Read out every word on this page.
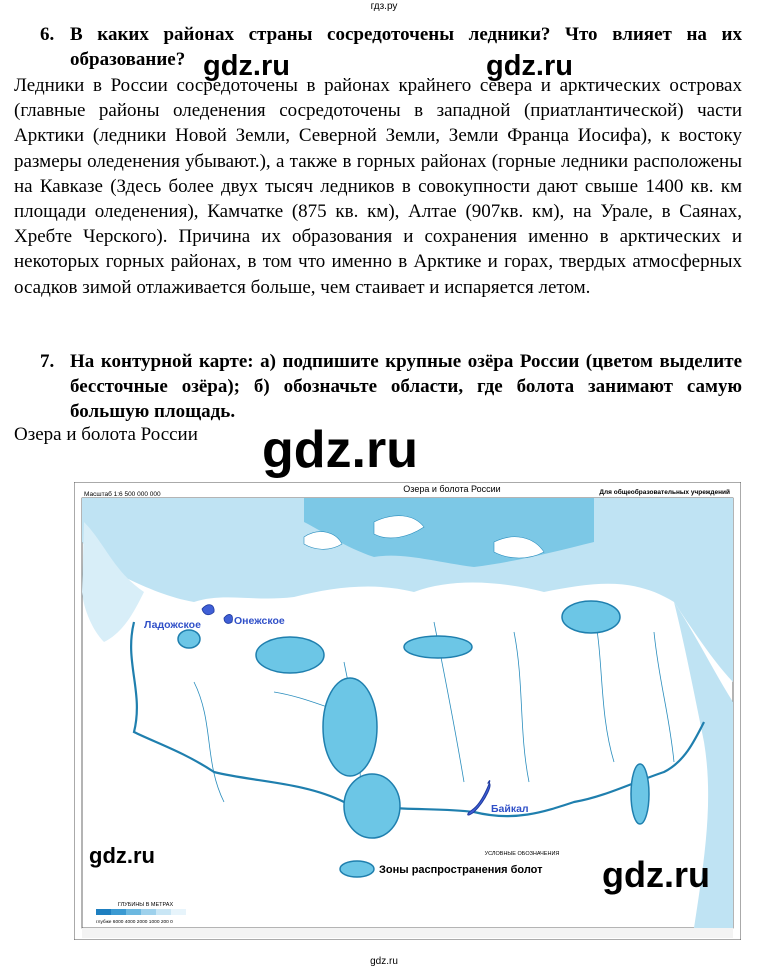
гдз.ру
6. В каких районах страны сосредоточены ледники? Что влияет на их образование?
Ледники в России сосредоточены в районах крайнего севера и арктических островах (главные районы оледенения сосредоточены в западной (приатлантической) части Арктики (ледники Новой Земли, Северной Земли, Земли Франца Иосифа), к востоку размеры оледенения убывают.), а также в горных районах (горные ледники расположены на Кавказе (Здесь более двух тысяч ледников в совокупности дают свыше 1400 кв. км площади оледенения), Камчатке (875 кв. км), Алтае (907кв. км), на Урале, в Саянах, Хребте Черского). Причина их образования и сохранения именно в арктических и некоторых горных районах, в том что именно в Арктике и горах, твердых атмосферных осадков зимой отлаживается больше, чем стаивает и испаряется летом.
7. На контурной карте: а) подпишите крупные озёра России (цветом выделите бессточные озёра); б) обозначьте области, где болота занимают самую большую площадь.
Озера и болота России
gdz.ru	gdz.ru
gdz.ru
Озера и болота России
Масштаб 1:6 500 000 000	Для общеобразовательных учреждений
Ладожское	Онежское
Байкал
ГЛУБИНЫ В МЕТРАХ
глубже 6000 4000 2000 1000 200 0
УСЛОВНЫЕ ОБОЗНАЧЕНИЯ
Зоны распространения болот
gdz.ru	gdz.ru
gdz.ru
